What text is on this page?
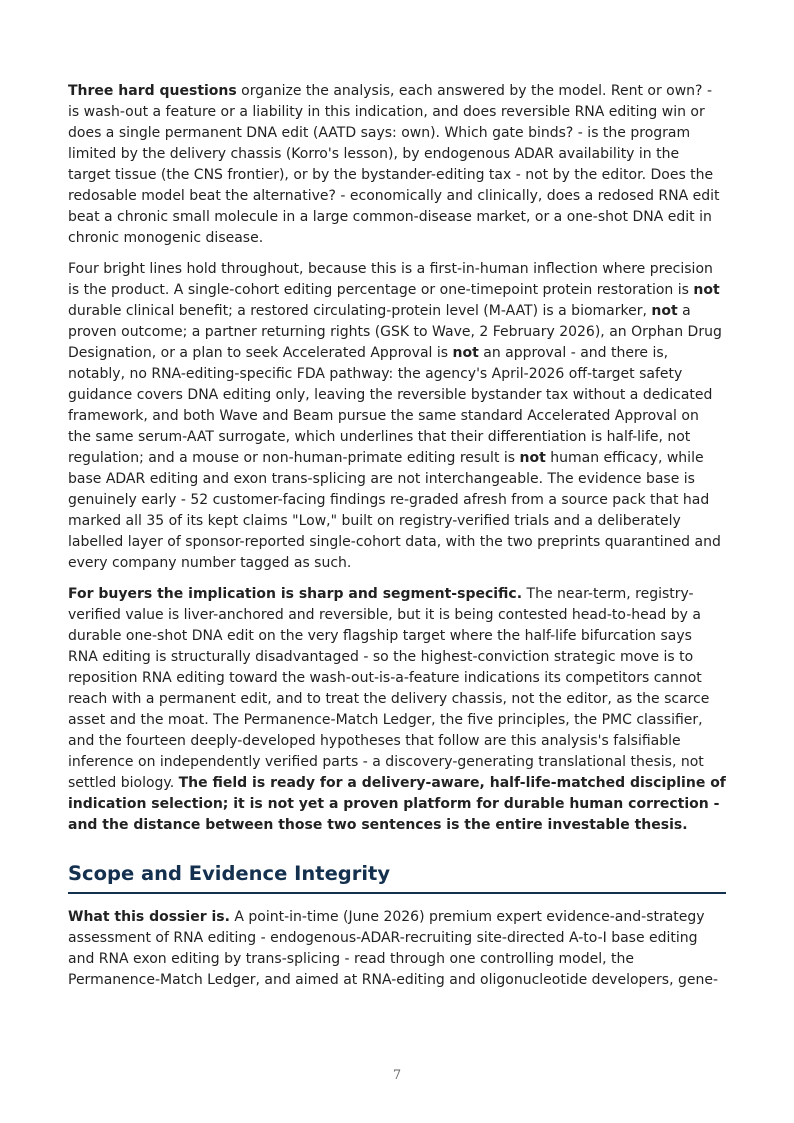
Three hard questions organize the analysis, each answered by the model. Rent or own? - is wash-out a feature or a liability in this indication, and does reversible RNA editing win or does a single permanent DNA edit (AATD says: own). Which gate binds? - is the program limited by the delivery chassis (Korro's lesson), by endogenous ADAR availability in the target tissue (the CNS frontier), or by the bystander-editing tax - not by the editor. Does the redosable model beat the alternative? - economically and clinically, does a redosed RNA edit beat a chronic small molecule in a large common-disease market, or a one-shot DNA edit in chronic monogenic disease.

Four bright lines hold throughout, because this is a first-in-human inflection where precision is the product. A single-cohort editing percentage or one-timepoint protein restoration is not durable clinical benefit; a restored circulating-protein level (M-AAT) is a biomarker, not a proven outcome; a partner returning rights (GSK to Wave, 2 February 2026), an Orphan Drug Designation, or a plan to seek Accelerated Approval is not an approval - and there is, notably, no RNA-editing-specific FDA pathway: the agency's April-2026 off-target safety guidance covers DNA editing only, leaving the reversible bystander tax without a dedicated framework, and both Wave and Beam pursue the same standard Accelerated Approval on the same serum-AAT surrogate, which underlines that their differentiation is half-life, not regulation; and a mouse or non-human-primate editing result is not human efficacy, while base ADAR editing and exon trans-splicing are not interchangeable. The evidence base is genuinely early - 52 customer-facing findings re-graded afresh from a source pack that had marked all 35 of its kept claims "Low," built on registry-verified trials and a deliberately labelled layer of sponsor-reported single-cohort data, with the two preprints quarantined and every company number tagged as such.

For buyers the implication is sharp and segment-specific. The near-term, registry-verified value is liver-anchored and reversible, but it is being contested head-to-head by a durable one-shot DNA edit on the very flagship target where the half-life bifurcation says RNA editing is structurally disadvantaged - so the highest-conviction strategic move is to reposition RNA editing toward the wash-out-is-a-feature indications its competitors cannot reach with a permanent edit, and to treat the delivery chassis, not the editor, as the scarce asset and the moat. The Permanence-Match Ledger, the five principles, the PMC classifier, and the fourteen deeply-developed hypotheses that follow are this analysis's falsifiable inference on independently verified parts - a discovery-generating translational thesis, not settled biology. The field is ready for a delivery-aware, half-life-matched discipline of indication selection; it is not yet a proven platform for durable human correction - and the distance between those two sentences is the entire investable thesis.

Scope and Evidence Integrity

What this dossier is. A point-in-time (June 2026) premium expert evidence-and-strategy assessment of RNA editing - endogenous-ADAR-recruiting site-directed A-to-I base editing and RNA exon editing by trans-splicing - read through one controlling model, the Permanence-Match Ledger, and aimed at RNA-editing and oligonucleotide developers, gene-

7
